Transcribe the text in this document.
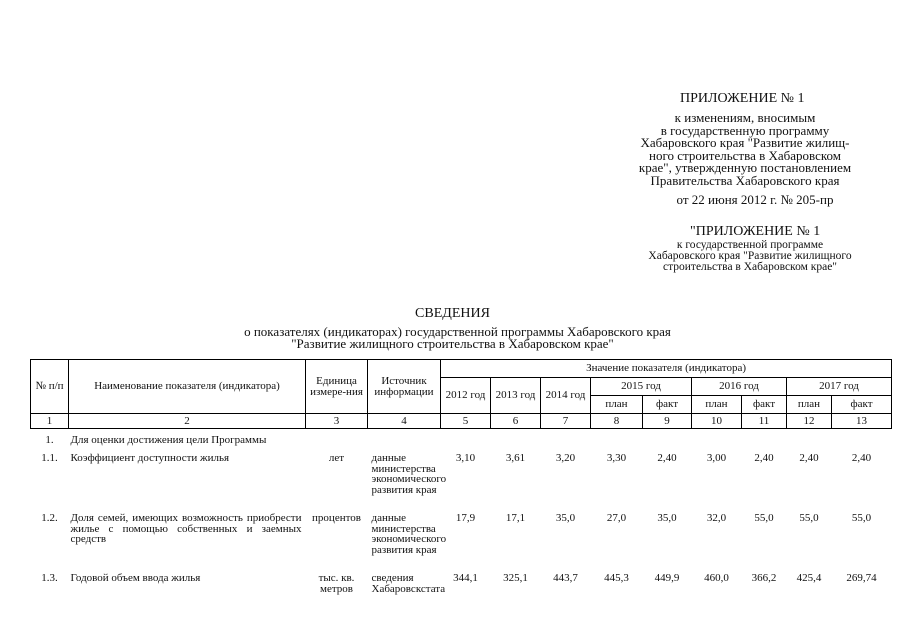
ПРИЛОЖЕНИЕ № 1
к изменениям, вносимым
в государственную программу
Хабаровского края "Развитие жилищ-
ного строительства в Хабаровском
крае", утвержденную постановлением
Правительства Хабаровского края
от 22 июня 2012 г. № 205-пр
"ПРИЛОЖЕНИЕ № 1
к государственной программе
Хабаровского края "Развитие жилищного
строительства в Хабаровском крае"
СВЕДЕНИЯ
о показателях (индикаторах) государственной программы Хабаровского края
"Развитие жилищного строительства в Хабаровском крае"
№ п/п	Наименование показателя (индикатора)	Единица измере-ния	Источник информации	Значение показателя (индикатора)								
				2012 год	2013 год	2014 год	2015 год		2016 год		2017 год	
							план	факт	план	факт	план	факт
1	2	3	4	5	6	7	8	9	10	11	12	13

1.	Для оценки достижения цели Программы											
1.1.	Коэффициент доступности жилья	лет	данные министерства экономического развития края	3,10	3,61	3,20	3,30	2,40	3,00	2,40	2,40	2,40
1.2.	Доля семей, имеющих возможность приобрести жилье с помощью собственных и заемных средств	процентов	данные министерства экономического развития края	17,9	17,1	35,0	27,0	35,0	32,0	55,0	55,0	55,0
1.3.	Годовой объем ввода жилья	тыс. кв. метров	сведения Хабаровскстата	344,1	325,1	443,7	445,3	449,9	460,0	366,2	425,4	269,74
